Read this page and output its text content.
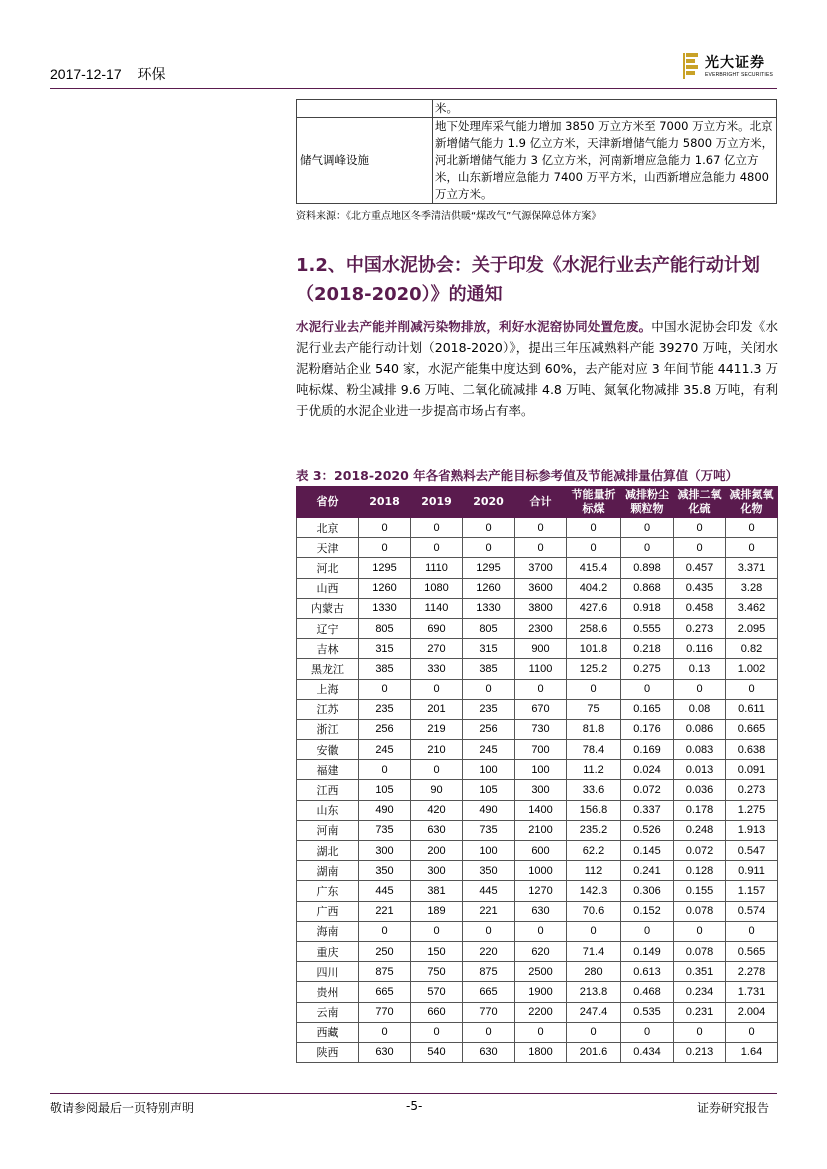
2017-12-17 环保
光大证券
EVERBRIGHT SECURITIES
	米。
储气调峰设施	地下处理库采气能力增加 3850 万立方米至 7000 万立方米。北京新增储气能力 1.9 亿立方米，天津新增储气能力 5800 万立方米，河北新增储气能力 3 亿立方米，河南新增应急能力 1.67 亿立方米，山东新增应急能力 7400 万平方米，山西新增应急能力 4800 万立方米。
资料来源：《北方重点地区冬季清洁供暖“煤改气”气源保障总体方案》
1.2、中国水泥协会：关于印发《水泥行业去产能行动计划（2018-2020）》的通知

水泥行业去产能并削减污染物排放，利好水泥窑协同处置危废。中国水泥协会印发《水泥行业去产能行动计划（2018-2020）》，提出三年压减熟料产能 39270 万吨，关闭水泥粉磨站企业 540 家，水泥产能集中度达到 60%，去产能对应 3 年间节能 4411.3 万吨标煤、粉尘减排 9.6 万吨、二氧化硫减排 4.8 万吨、氮氧化物减排 35.8 万吨，有利于优质的水泥企业进一步提高市场占有率。

表 3：2018-2020 年各省熟料去产能目标参考值及节能减排量估算值（万吨）
省份	2018	2019	2020	合计	节能量折标煤	减排粉尘颗粒物	减排二氧化硫	减排氮氧化物
北京	0	0	0	0	0	0	0	0
天津	0	0	0	0	0	0	0	0
河北	1295	1110	1295	3700	415.4	0.898	0.457	3.371
山西	1260	1080	1260	3600	404.2	0.868	0.435	3.28
内蒙古	1330	1140	1330	3800	427.6	0.918	0.458	3.462
辽宁	805	690	805	2300	258.6	0.555	0.273	2.095
吉林	315	270	315	900	101.8	0.218	0.116	0.82
黑龙江	385	330	385	1100	125.2	0.275	0.13	1.002
上海	0	0	0	0	0	0	0	0
江苏	235	201	235	670	75	0.165	0.08	0.611
浙江	256	219	256	730	81.8	0.176	0.086	0.665
安徽	245	210	245	700	78.4	0.169	0.083	0.638
福建	0	0	100	100	11.2	0.024	0.013	0.091
江西	105	90	105	300	33.6	0.072	0.036	0.273
山东	490	420	490	1400	156.8	0.337	0.178	1.275
河南	735	630	735	2100	235.2	0.526	0.248	1.913
湖北	300	200	100	600	62.2	0.145	0.072	0.547
湖南	350	300	350	1000	112	0.241	0.128	0.911
广东	445	381	445	1270	142.3	0.306	0.155	1.157
广西	221	189	221	630	70.6	0.152	0.078	0.574
海南	0	0	0	0	0	0	0	0
重庆	250	150	220	620	71.4	0.149	0.078	0.565
四川	875	750	875	2500	280	0.613	0.351	2.278
贵州	665	570	665	1900	213.8	0.468	0.234	1.731
云南	770	660	770	2200	247.4	0.535	0.231	2.004
西藏	0	0	0	0	0	0	0	0
陕西	630	540	630	1800	201.6	0.434	0.213	1.64
敬请参阅最后一页特别声明	-5-	证券研究报告
